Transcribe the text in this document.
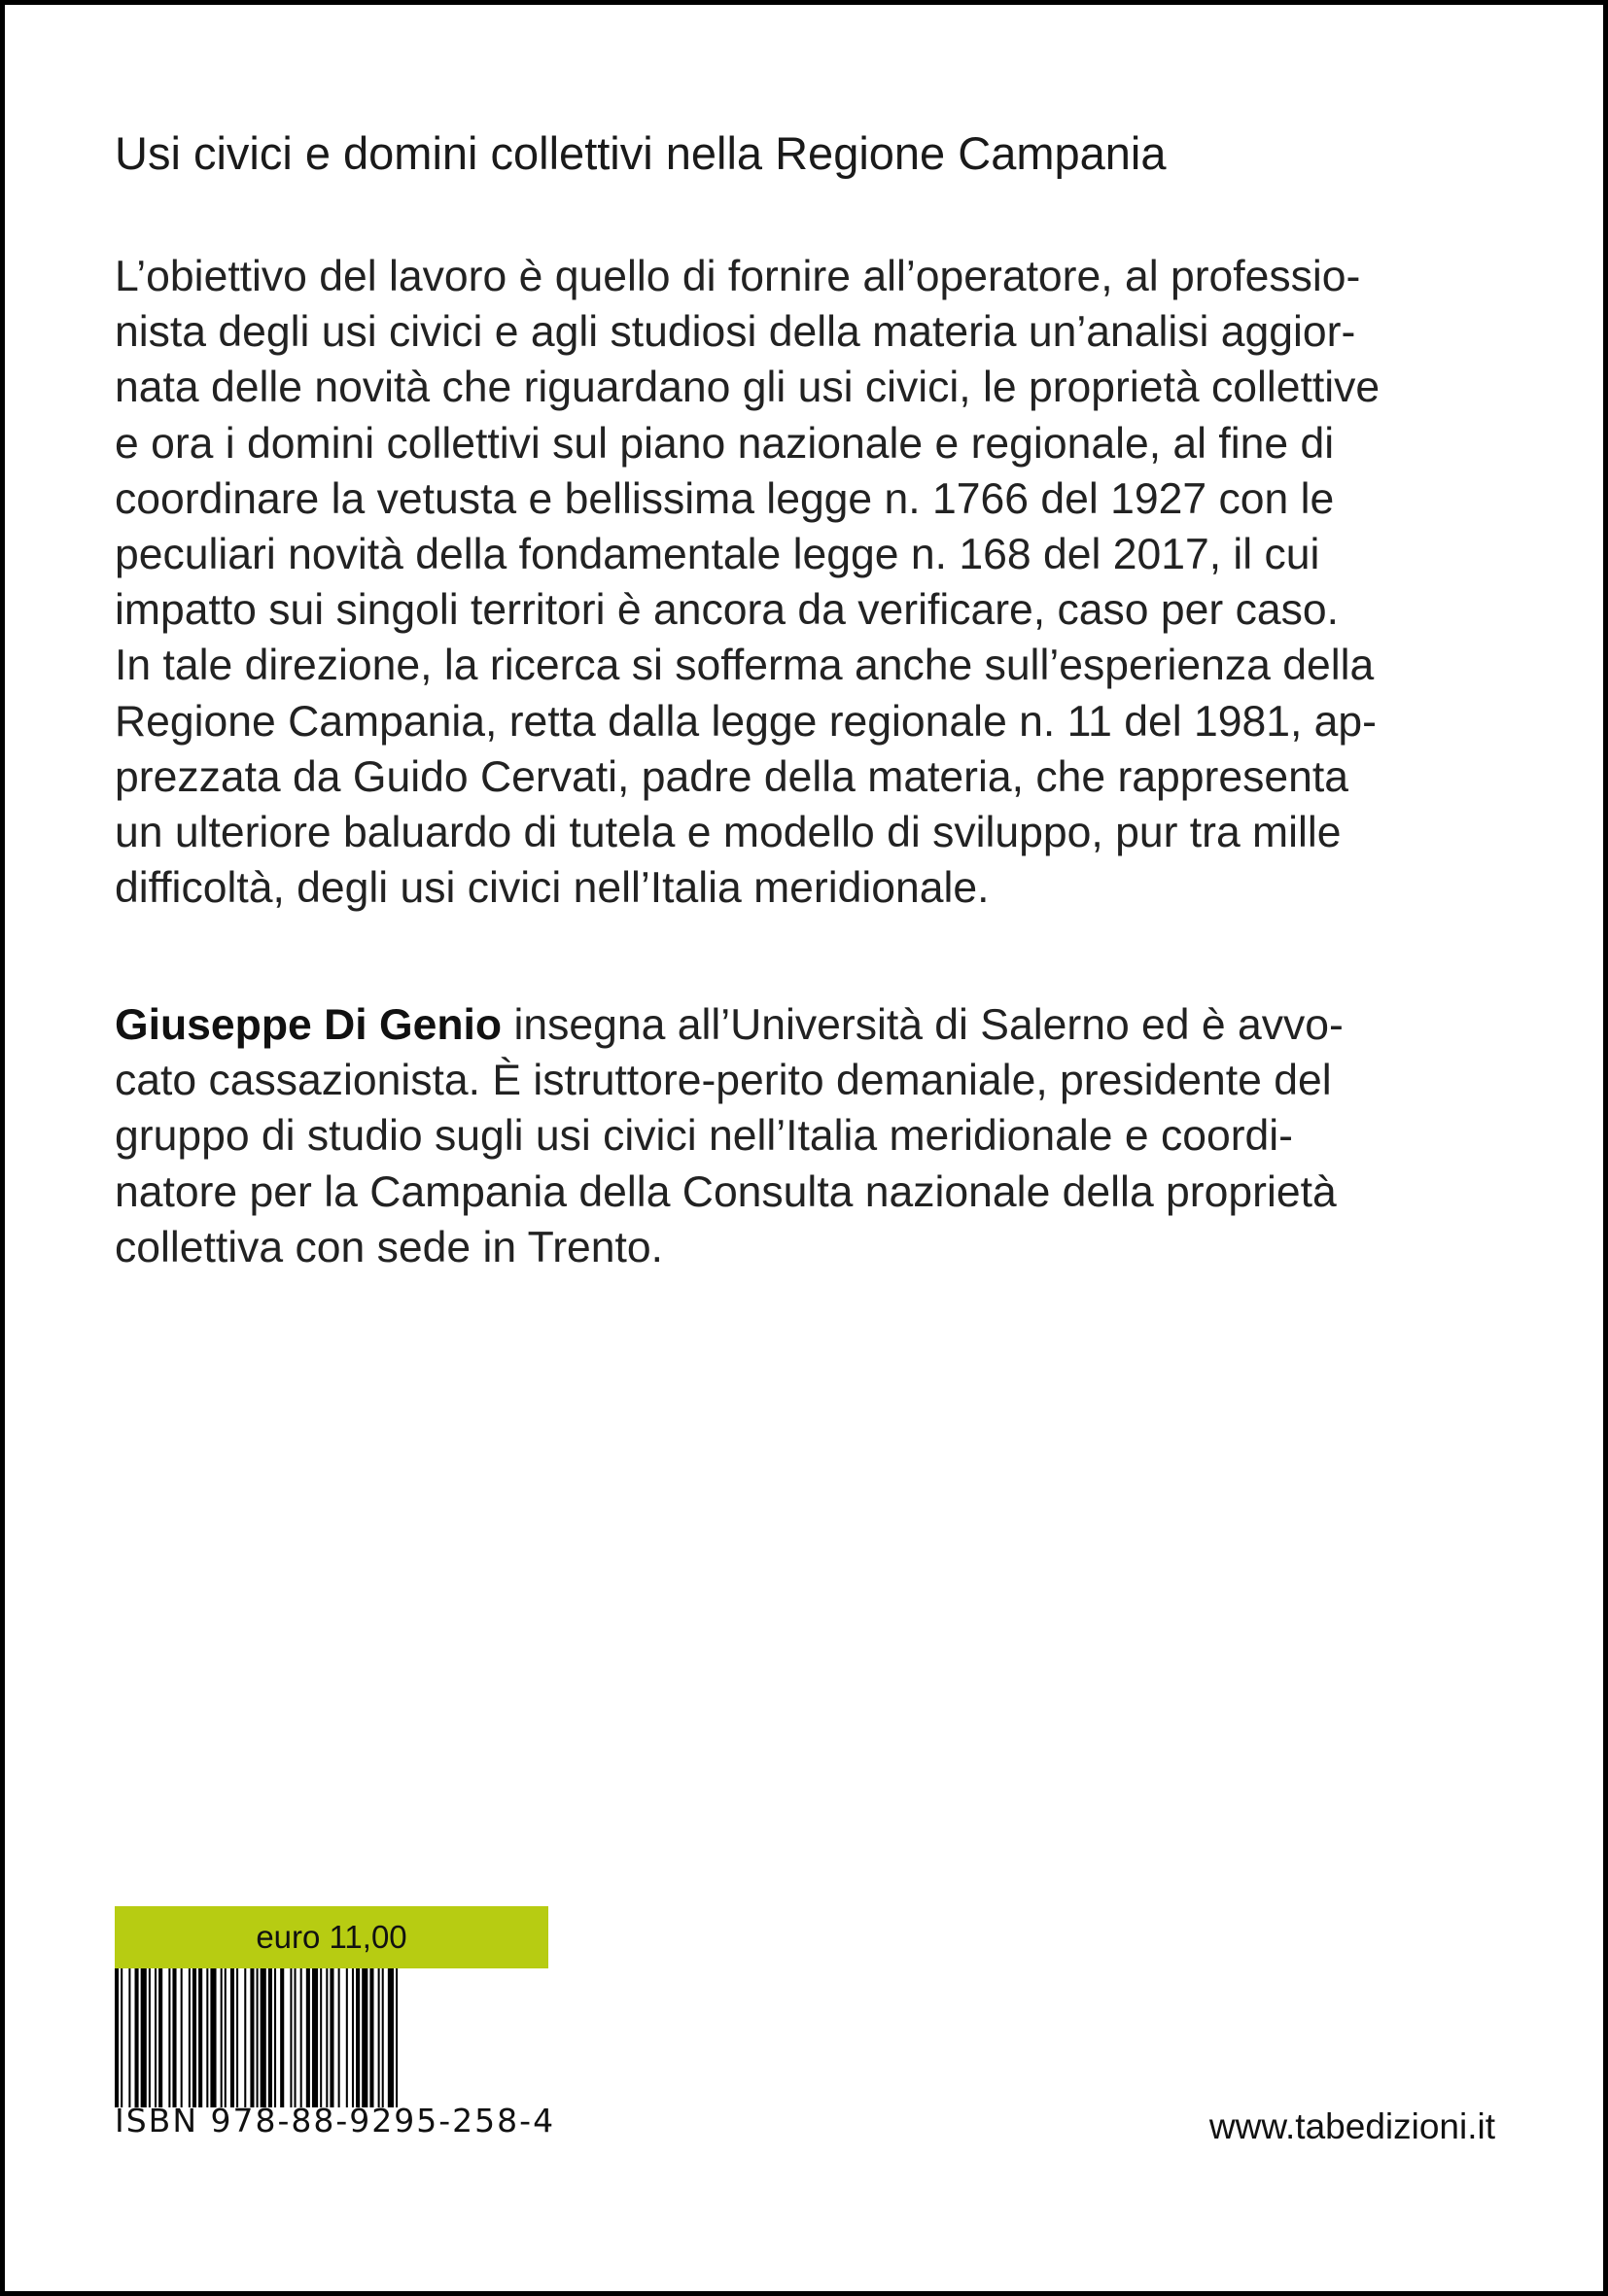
Usi civici e domini collettivi nella Regione Campania
L’obiettivo del lavoro è quello di fornire all’operatore, al professio-
nista degli usi civici e agli studiosi della materia un’analisi aggior-
nata delle novità che riguardano gli usi civici, le proprietà collettive
e ora i domini collettivi sul piano nazionale e regionale, al fine di
coordinare la vetusta e bellissima legge n. 1766 del 1927 con le
peculiari novità della fondamentale legge n. 168 del 2017, il cui
impatto sui singoli territori è ancora da verificare, caso per caso.
In tale direzione, la ricerca si sofferma anche sull’esperienza della
Regione Campania, retta dalla legge regionale n. 11 del 1981, ap-
prezzata da Guido Cervati, padre della materia, che rappresenta
un ulteriore baluardo di tutela e modello di sviluppo, pur tra mille
difficoltà, degli usi civici nell’Italia meridionale.
Giuseppe Di Genio insegna all’Università di Salerno ed è avvo-
cato cassazionista. È istruttore-perito demaniale, presidente del
gruppo di studio sugli usi civici nell’Italia meridionale e coordi-
natore per la Campania della Consulta nazionale della proprietà
collettiva con sede in Trento.
euro 11,00
ISBN 978-88-9295-258-4	www.tabedizioni.it
